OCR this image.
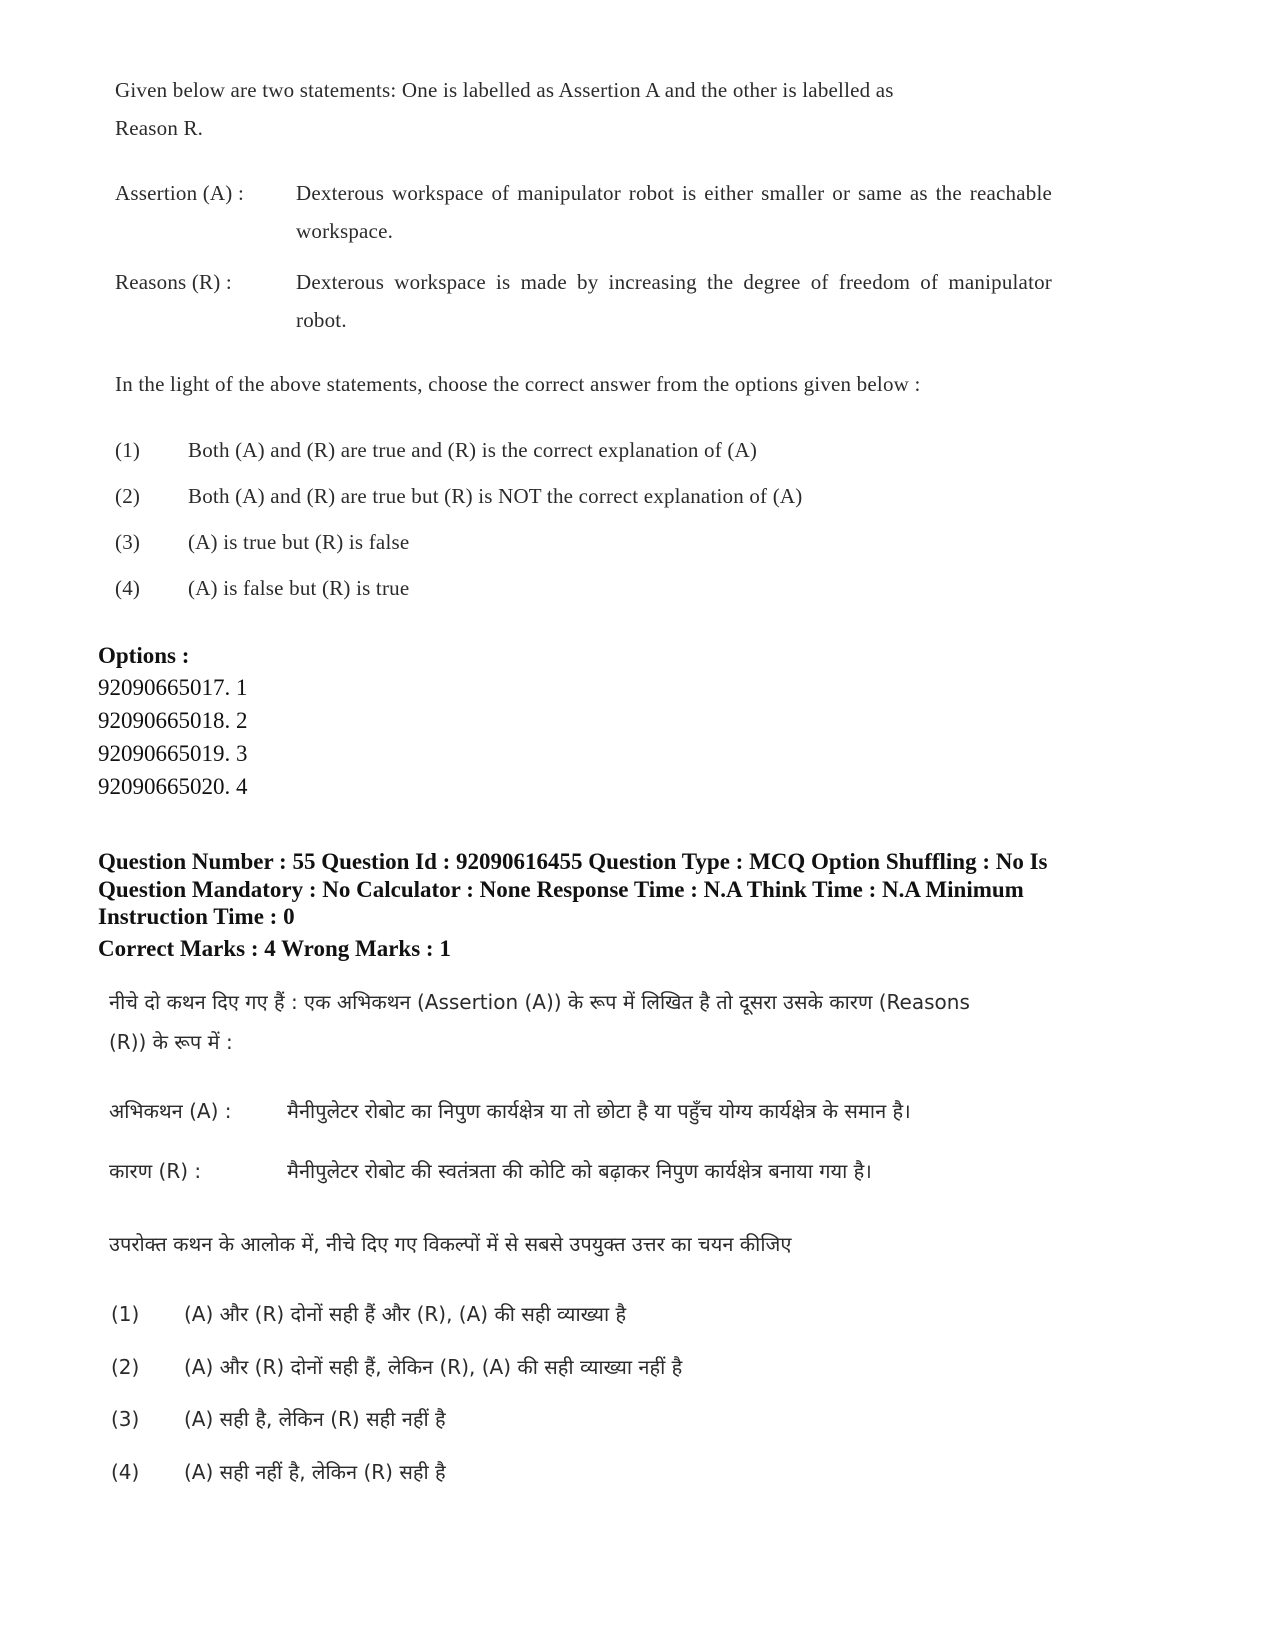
Given below are two statements: One is labelled as Assertion A and the other is labelled as
Reason R.
Assertion (A) :	Dexterous workspace of manipulator robot is either smaller or same as the reachable workspace.
Reasons (R) :	Dexterous workspace is made by increasing the degree of freedom of manipulator robot.
In the light of the above statements, choose the correct answer from the options given below :
(1) Both (A) and (R) are true and (R) is the correct explanation of (A)
(2) Both (A) and (R) are true but (R) is NOT the correct explanation of (A)
(3) (A) is true but (R) is false
(4) (A) is false but (R) is true
Options :
92090665017. 1
92090665018. 2
92090665019. 3
92090665020. 4
Question Number : 55 Question Id : 92090616455 Question Type : MCQ Option Shuffling : No Is
Question Mandatory : No Calculator : None Response Time : N.A Think Time : N.A Minimum
Instruction Time : 0
Correct Marks : 4 Wrong Marks : 1
नीचे दो कथन दिए गए हैं : एक अभिकथन (Assertion (A)) के रूप में लिखित है तो दूसरा उसके कारण (Reasons
(R)) के रूप में :
अभिकथन (A) :	मैनीपुलेटर रोबोट का निपुण कार्यक्षेत्र या तो छोटा है या पहुँच योग्य कार्यक्षेत्र के समान है।
कारण (R) :	मैनीपुलेटर रोबोट की स्वतंत्रता की कोटि को बढ़ाकर निपुण कार्यक्षेत्र बनाया गया है।
उपरोक्त कथन के आलोक में, नीचे दिए गए विकल्पों में से सबसे उपयुक्त उत्तर का चयन कीजिए
(1) (A) और (R) दोनों सही हैं और (R), (A) की सही व्याख्या है
(2) (A) और (R) दोनों सही हैं, लेकिन (R), (A) की सही व्याख्या नहीं है
(3) (A) सही है, लेकिन (R) सही नहीं है
(4) (A) सही नहीं है, लेकिन (R) सही है
